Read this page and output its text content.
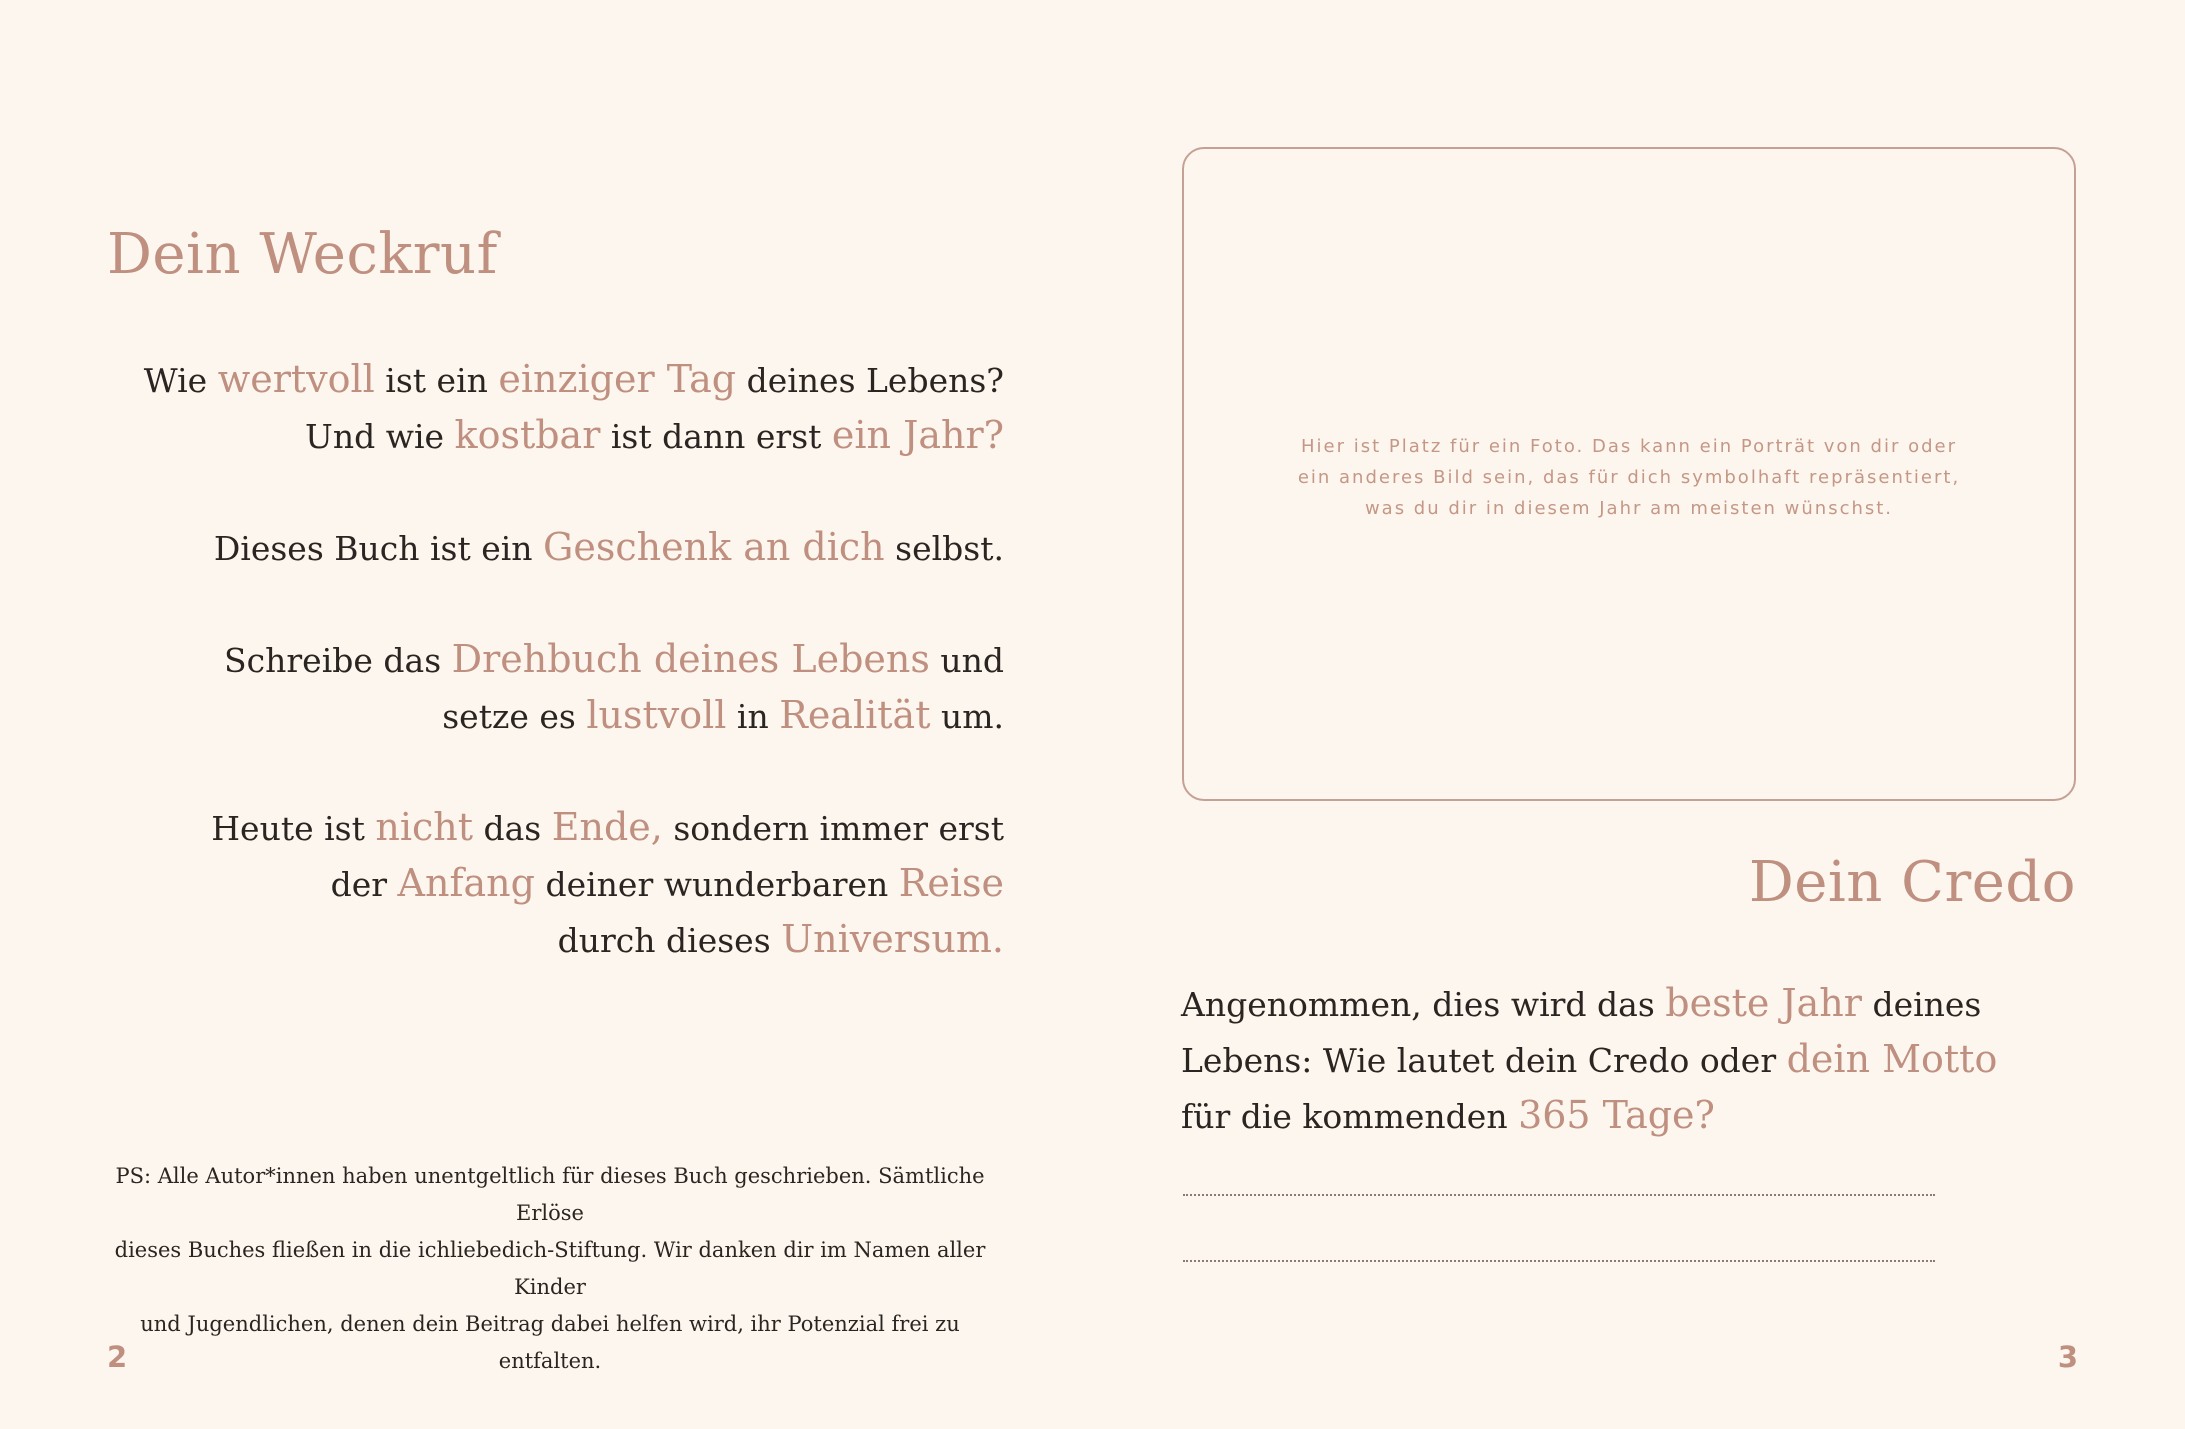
Dein Weckruf
Wie wertvoll ist ein einziger Tag deines Lebens?
Und wie kostbar ist dann erst ein Jahr?
Dieses Buch ist ein Geschenk an dich selbst.
Schreibe das Drehbuch deines Lebens und
setze es lustvoll in Realität um.
Heute ist nicht das Ende, sondern immer erst
der Anfang deiner wunderbaren Reise
durch dieses Universum.
PS: Alle Autor*innen haben unentgeltlich für dieses Buch geschrieben. Sämtliche Erlöse
dieses Buches fließen in die ichliebedich-Stiftung. Wir danken dir im Namen aller Kinder
und Jugendlichen, denen dein Beitrag dabei helfen wird, ihr Potenzial frei zu entfalten.
2
Hier ist Platz für ein Foto. Das kann ein Porträt von dir oder
ein anderes Bild sein, das für dich symbolhaft repräsentiert,
was du dir in diesem Jahr am meisten wünschst.
Dein Credo
Angenommen, dies wird das beste Jahr deines
Lebens: Wie lautet dein Credo oder dein Motto
für die kommenden 365 Tage?
3
